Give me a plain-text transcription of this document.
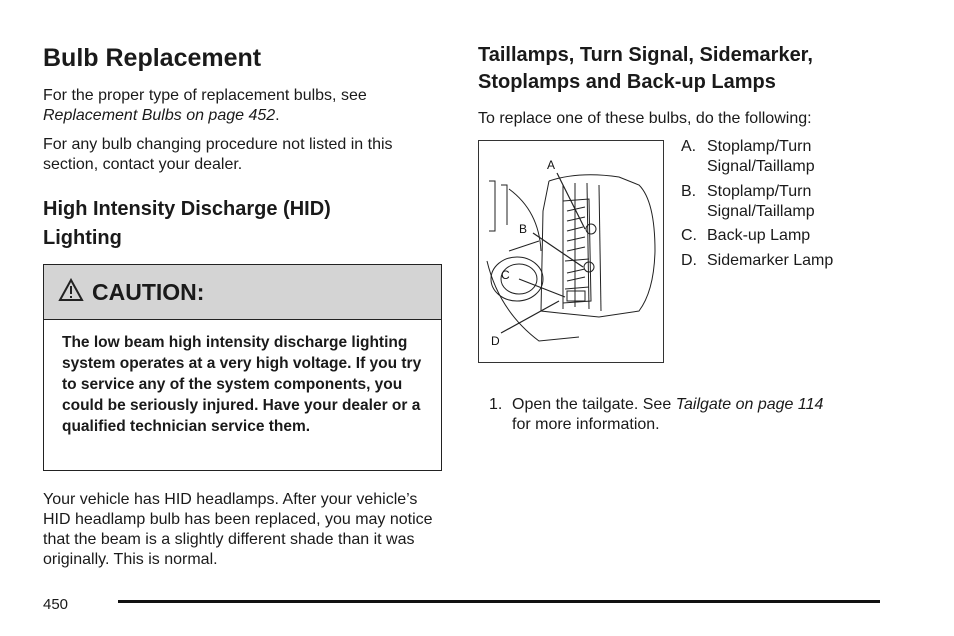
Bulb Replacement

For the proper type of replacement bulbs, see
Replacement Bulbs on page 452.

For any bulb changing procedure not listed in this section, contact your dealer.

High Intensity Discharge (HID) Lighting
CAUTION:
The low beam high intensity discharge lighting system operates at a very high voltage. If you try to service any of the system components, you could be seriously injured. Have your dealer or a qualified technician service them.

Your vehicle has HID headlamps. After your vehicle’s HID headlamp bulb has been replaced, you may notice that the beam is a slightly different shade than it was originally. This is normal.

Taillamps, Turn Signal, Sidemarker, Stoplamps and Back-up Lamps

To replace one of these bulbs, do the following:

A
B
C
D
A. Stoplamp/Turn Signal/Taillamp
B. Stoplamp/Turn Signal/Taillamp
C. Back-up Lamp
D. Sidemarker Lamp
1. Open the tailgate. See Tailgate on page 114
for more information.
450
